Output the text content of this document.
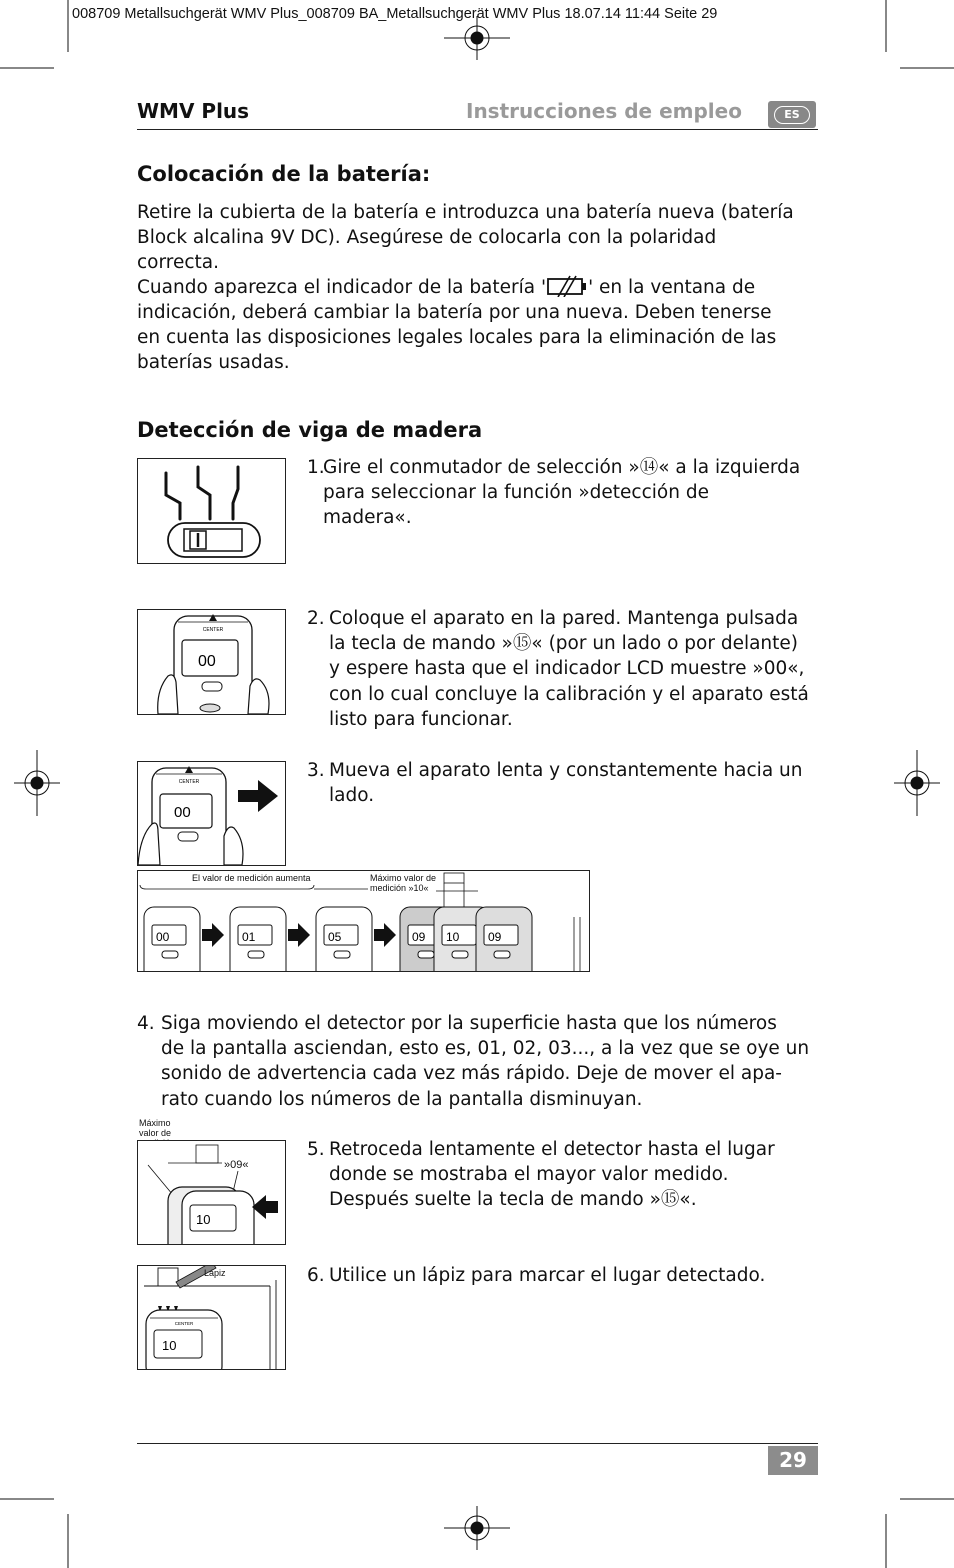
008709 Metallsuchgerät WMV Plus_008709 BA_Metallsuchgerät WMV Plus 18.07.14 11:44 Seite 29
WMV Plus	Instrucciones de empleo	ES
Colocación de la batería:
Retire la cubierta de la batería e introduzca una batería nueva (batería
Block alcalina 9V DC). Asegúrese de colocarla con la polaridad
correcta.
Cuando aparezca el indicador de la batería ' ' en la ventana de
indicación, deberá cambiar la batería por una nueva. Deben tenerse
en cuenta las disposiciones legales locales para la eliminación de las
baterías usadas.
Detección de viga de madera
1.
Gire el conmutador de selección »⑭« a la izquierda
para seleccionar la función »detección de
madera«.
CENTER
00
2. Coloque el aparato en la pared. Mantenga pulsada
la tecla de mando »⑮« (por un lado o por delante)
y espere hasta que el indicador LCD muestre »00«,
con lo cual concluye la calibración y el aparato está
listo para funcionar.
CENTER
00
3. Mueva el aparato lenta y constantemente hacia un
lado.
El valor de medición aumenta	Máximo valor de
medición »10«
00	01	05	09 10 09
4. Siga moviendo el detector por la superficie hasta que los números
de la pantalla asciendan, esto es, 01, 02, 03..., a la vez que se oye un
sonido de advertencia cada vez más rápido. Deje de mover el apa-
rato cuando los números de la pantalla disminuyan.
Máximo
valor de
»09«
10
5. Retroceda lentamente el detector hasta el lugar
donde se mostraba el mayor valor medido.
Después suelte la tecla de mando »⑮«.
Lápiz
CENTER
10
6. Utilice un lápiz para marcar el lugar detectado.
29
